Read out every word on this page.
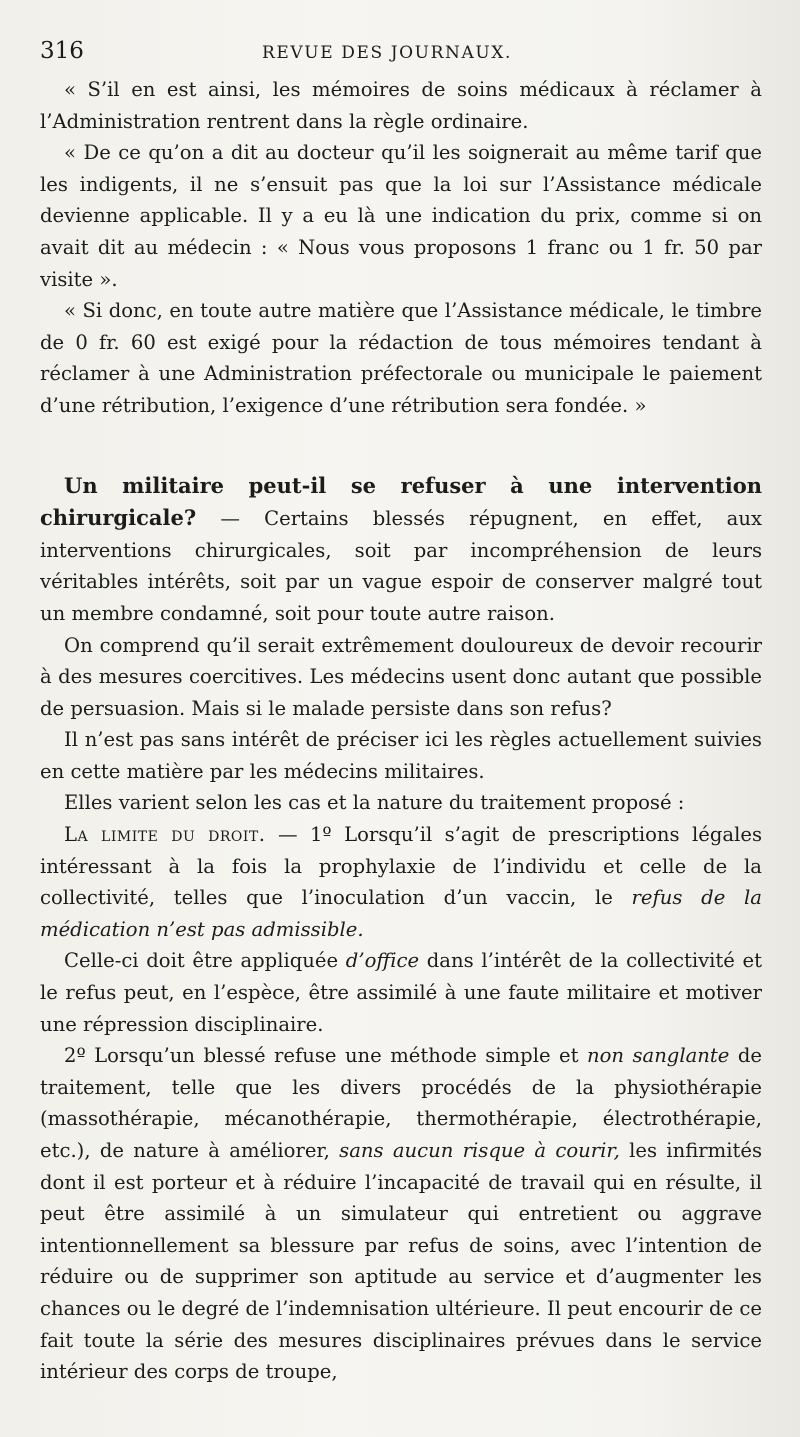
316	REVUE DES JOURNAUX.

« S’il en est ainsi, les mémoires de soins médicaux à réclamer à l’Administration rentrent dans la règle ordinaire.

« De ce qu’on a dit au docteur qu’il les soignerait au même tarif que les indigents, il ne s’ensuit pas que la loi sur l’Assistance médicale devienne applicable. Il y a eu là une indication du prix, comme si on avait dit au médecin : « Nous vous proposons 1 franc ou 1 fr. 50 par visite ».

« Si donc, en toute autre matière que l’Assistance médicale, le timbre de 0 fr. 60 est exigé pour la rédaction de tous mémoires tendant à réclamer à une Administration préfectorale ou municipale le paiement d’une rétribution, l’exigence d’une rétribution sera fondée. »

Un militaire peut-il se refuser à une intervention chirurgicale? — Certains blessés répugnent, en effet, aux interventions chirurgicales, soit par incompréhension de leurs véritables intérêts, soit par un vague espoir de conserver malgré tout un membre condamné, soit pour toute autre raison.

On comprend qu’il serait extrêmement douloureux de devoir recourir à des mesures coercitives. Les médecins usent donc autant que possible de persuasion. Mais si le malade persiste dans son refus?

Il n’est pas sans intérêt de préciser ici les règles actuellement suivies en cette matière par les médecins militaires.

Elles varient selon les cas et la nature du traitement proposé :

La limite du droit. — 1º Lorsqu’il s’agit de prescriptions légales intéressant à la fois la prophylaxie de l’individu et celle de la collectivité, telles que l’inoculation d’un vaccin, le refus de la médication n’est pas admissible.

Celle-ci doit être appliquée d’office dans l’intérêt de la collectivité et le refus peut, en l’espèce, être assimilé à une faute militaire et motiver une répression disciplinaire.

2º Lorsqu’un blessé refuse une méthode simple et non sanglante de traitement, telle que les divers procédés de la physiothérapie (massothérapie, mécanothérapie, thermothérapie, électrothérapie, etc.), de nature à améliorer, sans aucun risque à courir, les infirmités dont il est porteur et à réduire l’incapacité de travail qui en résulte, il peut être assimilé à un simulateur qui entretient ou aggrave intentionnellement sa blessure par refus de soins, avec l’intention de réduire ou de supprimer son aptitude au service et d’augmenter les chances ou le degré de l’indemnisation ultérieure. Il peut encourir de ce fait toute la série des mesures disciplinaires prévues dans le service intérieur des corps de troupe,
